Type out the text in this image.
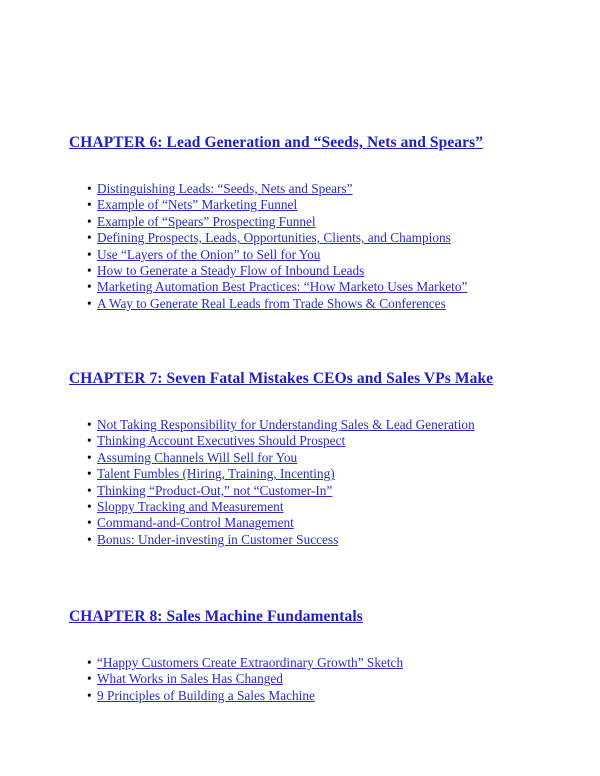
CHAPTER 6: Lead Generation and “Seeds, Nets and Spears”
• Distinguishing Leads: “Seeds, Nets and Spears”
• Example of “Nets” Marketing Funnel
• Example of “Spears” Prospecting Funnel
• Defining Prospects, Leads, Opportunities, Clients, and Champions
• Use “Layers of the Onion” to Sell for You
• How to Generate a Steady Flow of Inbound Leads
• Marketing Automation Best Practices: “How Marketo Uses Marketo”
• A Way to Generate Real Leads from Trade Shows & Conferences
CHAPTER 7: Seven Fatal Mistakes CEOs and Sales VPs Make
• Not Taking Responsibility for Understanding Sales & Lead Generation
• Thinking Account Executives Should Prospect
• Assuming Channels Will Sell for You
• Talent Fumbles (Hiring, Training, Incenting)
• Thinking “Product-Out,” not “Customer-In”
• Sloppy Tracking and Measurement
• Command-and-Control Management
• Bonus: Under-investing in Customer Success
CHAPTER 8: Sales Machine Fundamentals
• “Happy Customers Create Extraordinary Growth” Sketch
• What Works in Sales Has Changed
• 9 Principles of Building a Sales Machine
